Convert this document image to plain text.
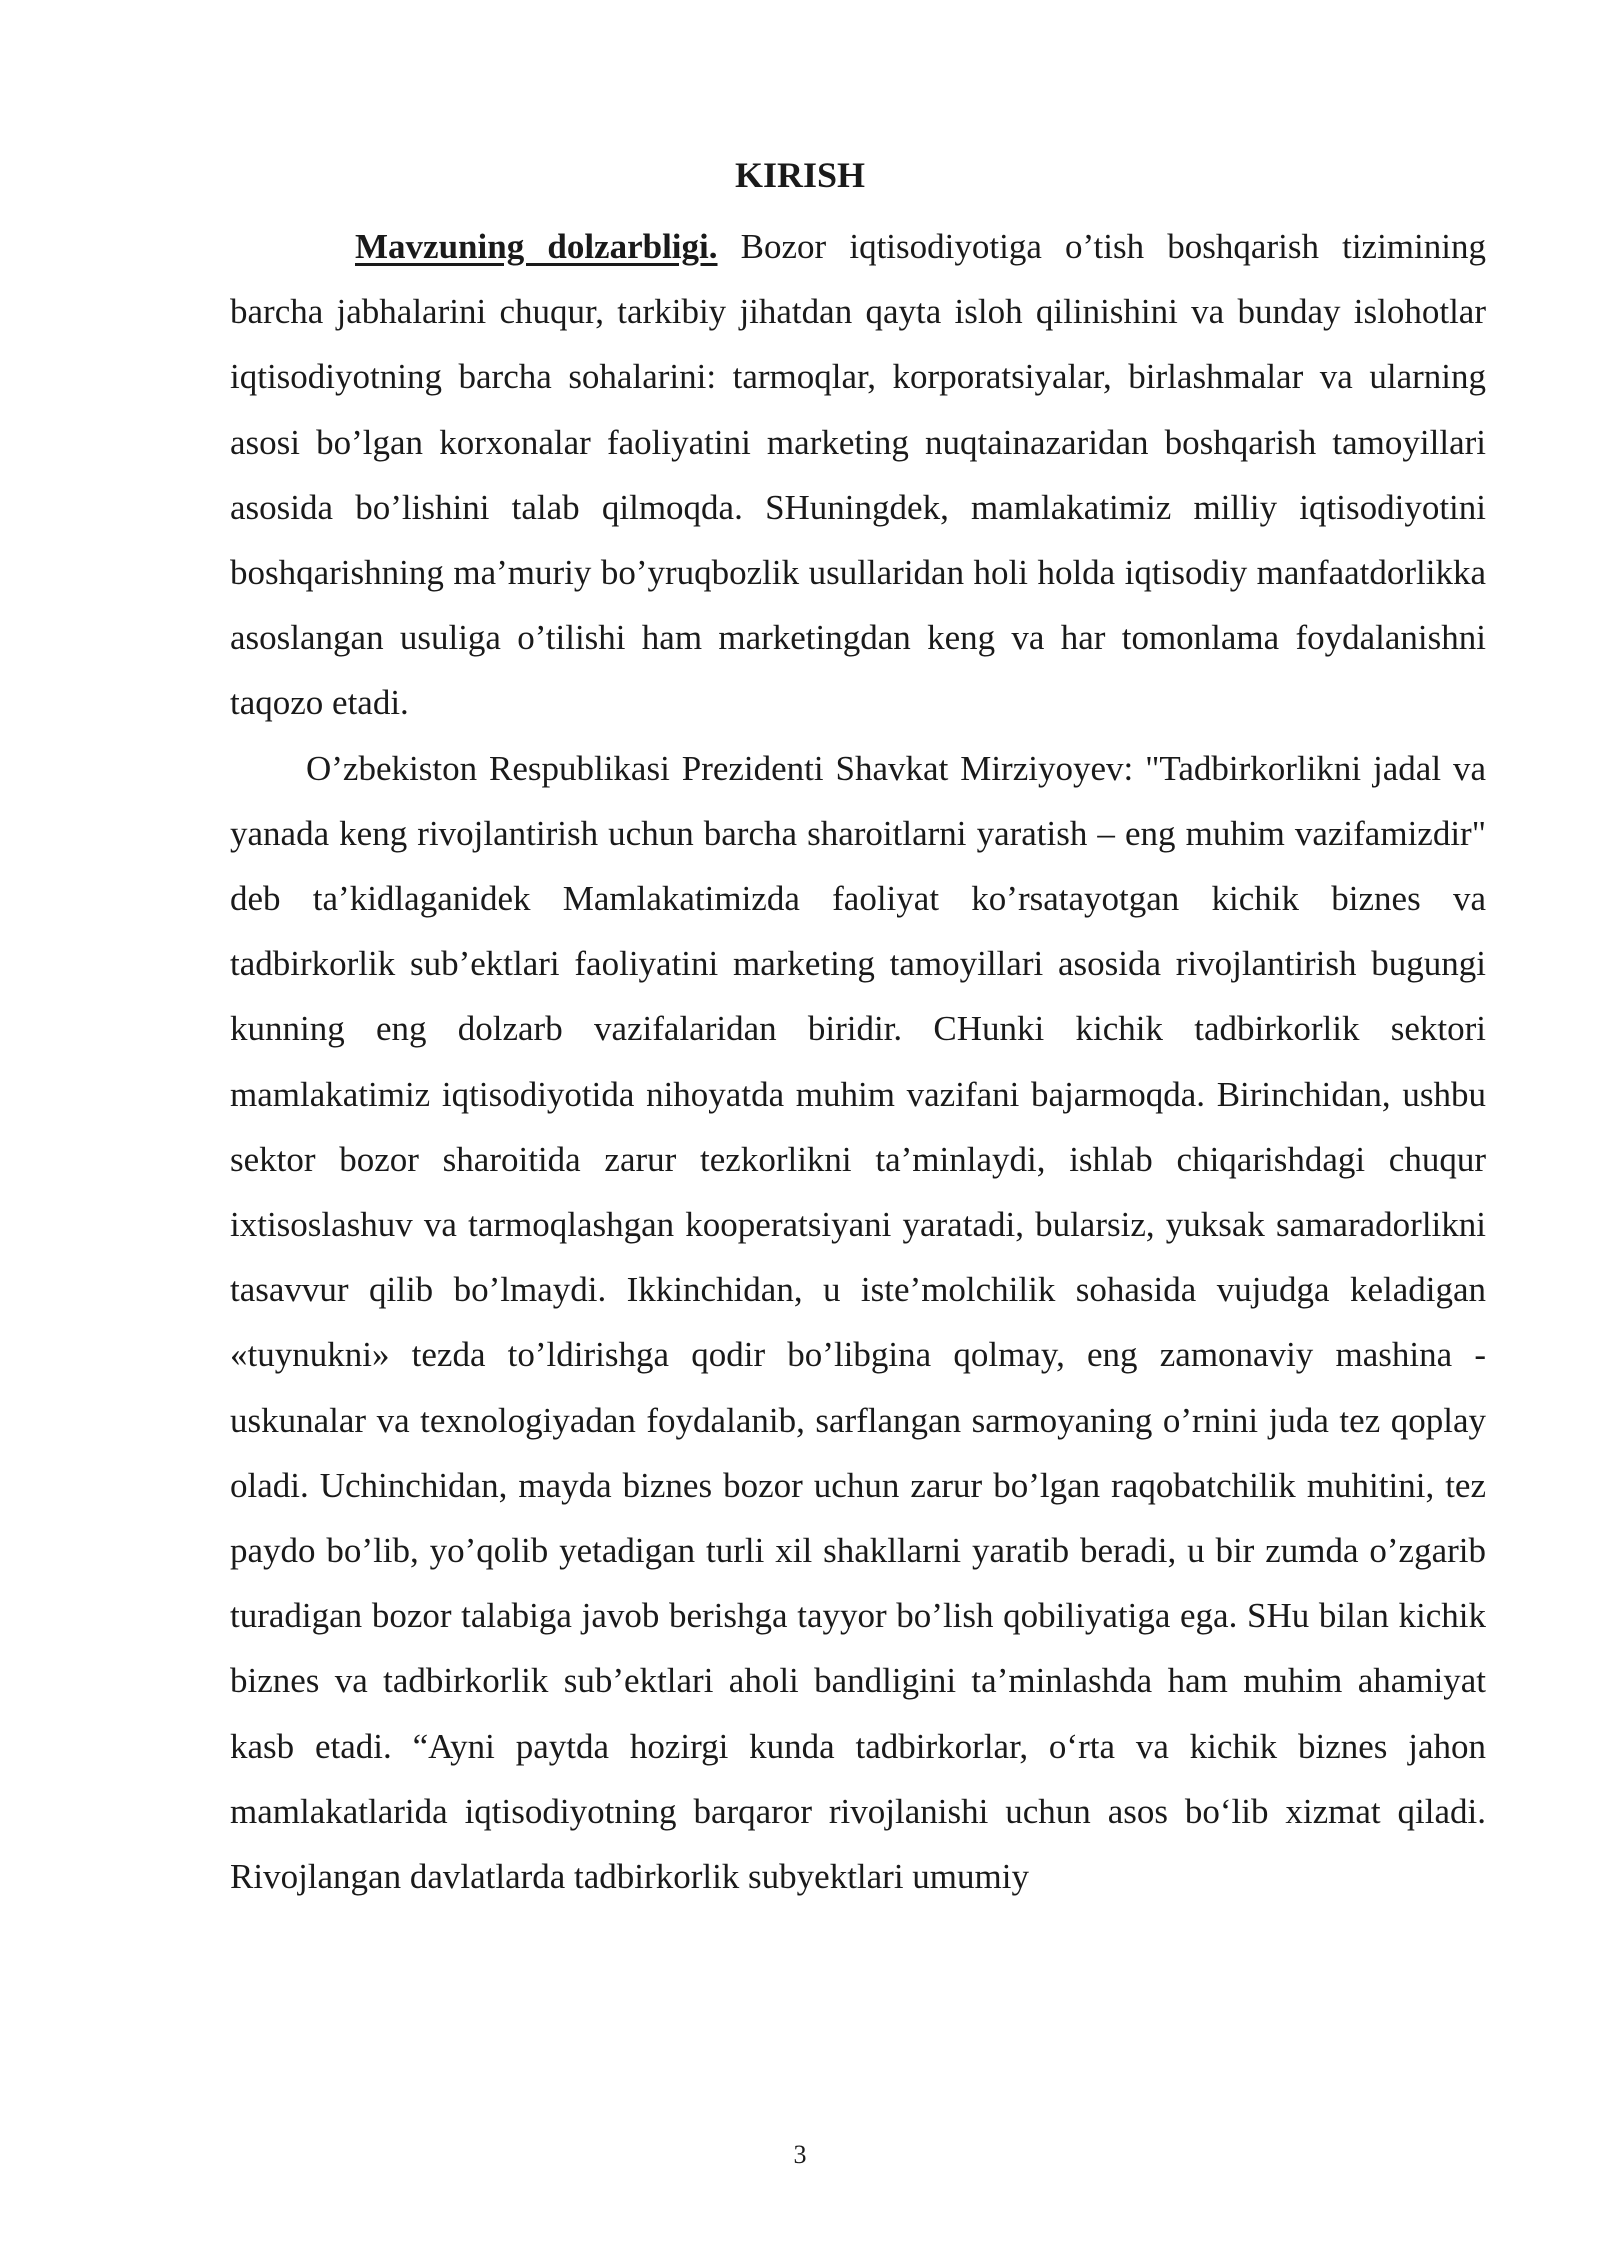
KIRISH

Mavzuning dolzarbligi. Bozor iqtisodiyotiga o’tish boshqarish tizimining barcha jabhalarini chuqur, tarkibiy jihatdan qayta isloh qilinishini va bunday islohotlar iqtisodiyotning barcha sohalarini: tarmoqlar, korporatsiyalar, birlashmalar va ularning asosi bo’lgan korxonalar faoliyatini marketing nuqtainazaridan boshqarish tamoyillari asosida bo’lishini talab qilmoqda. SHuningdek, mamlakatimiz milliy iqtisodiyotini boshqarishning ma’muriy bo’yruqbozlik usullaridan holi holda iqtisodiy manfaatdorlikka asoslangan usuliga o’tilishi ham marketingdan keng va har tomonlama foydalanishni taqozo etadi.

O’zbekiston Respublikasi Prezidenti Shavkat Mirziyoyev: "Tadbirkorlikni jadal va yanada keng rivojlantirish uchun barcha sharoitlarni yaratish – eng muhim vazifamizdir" deb ta’kidlaganidek Mamlakatimizda faoliyat ko’rsatayotgan kichik biznes va tadbirkorlik sub’ektlari faoliyatini marketing tamoyillari asosida rivojlantirish bugungi kunning eng dolzarb vazifalaridan biridir. CHunki kichik tadbirkorlik sektori mamlakatimiz iqtisodiyotida nihoyatda muhim vazifani bajarmoqda. Birinchidan, ushbu sektor bozor sharoitida zarur tezkorlikni ta’minlaydi, ishlab chiqarishdagi chuqur ixtisoslashuv va tarmoqlashgan kooperatsiyani yaratadi, bularsiz, yuksak samaradorlikni tasavvur qilib bo’lmaydi. Ikkinchidan, u iste’molchilik sohasida vujudga keladigan «tuynukni» tezda to’ldirishga qodir bo’libgina qolmay, eng zamonaviy mashina - uskunalar va texnologiyadan foydalanib, sarflangan sarmoyaning o’rnini juda tez qoplay oladi. Uchinchidan, mayda biznes bozor uchun zarur bo’lgan raqobatchilik muhitini, tez paydo bo’lib, yo’qolib yetadigan turli xil shakllarni yaratib beradi, u bir zumda o’zgarib turadigan bozor talabiga javob berishga tayyor bo’lish qobiliyatiga ega. SHu bilan kichik biznes va tadbirkorlik sub’ektlari aholi bandligini ta’minlashda ham muhim ahamiyat kasb etadi. “Ayni paytda hozirgi kunda tadbirkorlar, o‘rta va kichik biznes jahon mamlakatlarida iqtisodiyotning barqaror rivojlanishi uchun asos bo‘lib xizmat qiladi. Rivojlangan davlatlarda tadbirkorlik subyektlari umumiy

3
